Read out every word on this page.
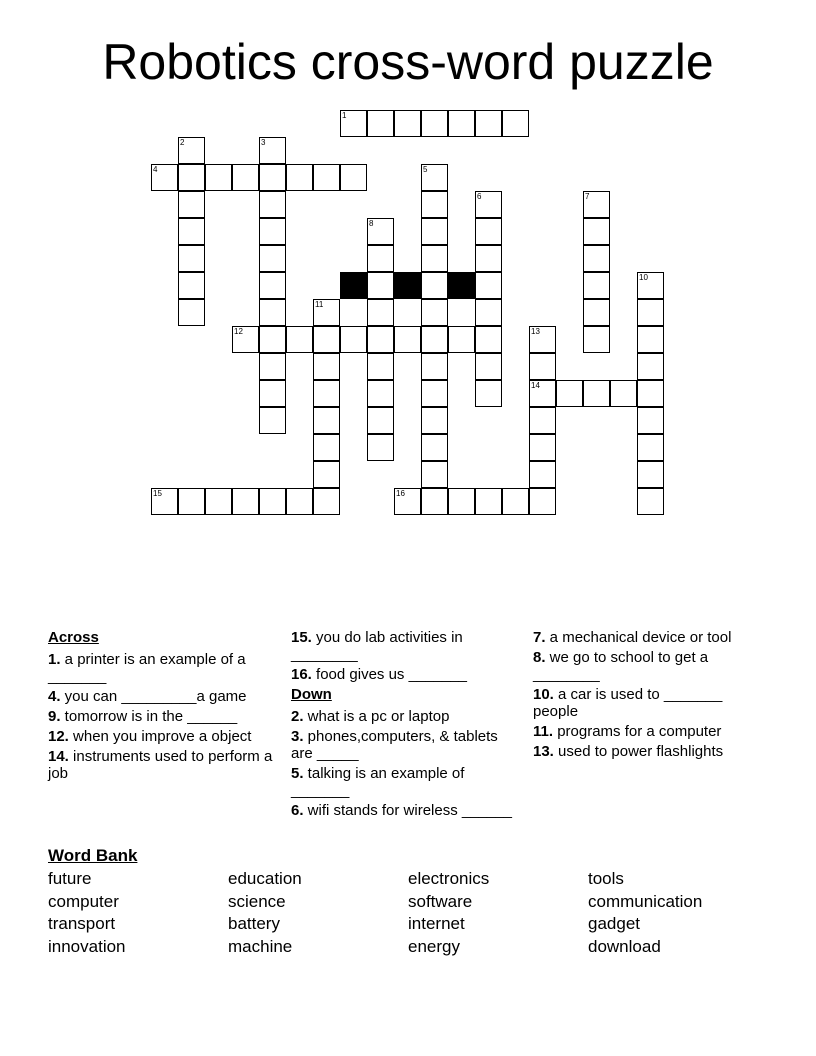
Robotics cross-word puzzle
1
2	3
4	5
6	7
8
10
11
12	13
14
15	16
Across
1. a printer is an example of a _______
4. you can _________a game
9. tomorrow is in the ______
12. when you improve a object
14. instruments used to perform a job
15. you do lab activities in ________
16. food gives us _______
Down
2. what is a pc or laptop
3. phones,computers, & tablets are _____
5. talking is an example of _______
6. wifi stands for wireless ______
7. a mechanical device or tool
8. we go to school to get a ________
10. a car is used to _______ people
11. programs for a computer
13. used to power flashlights
Word Bank
future
computer
transport
innovation
education
science
battery
machine
electronics
software
internet
energy
tools
communication
gadget
download
